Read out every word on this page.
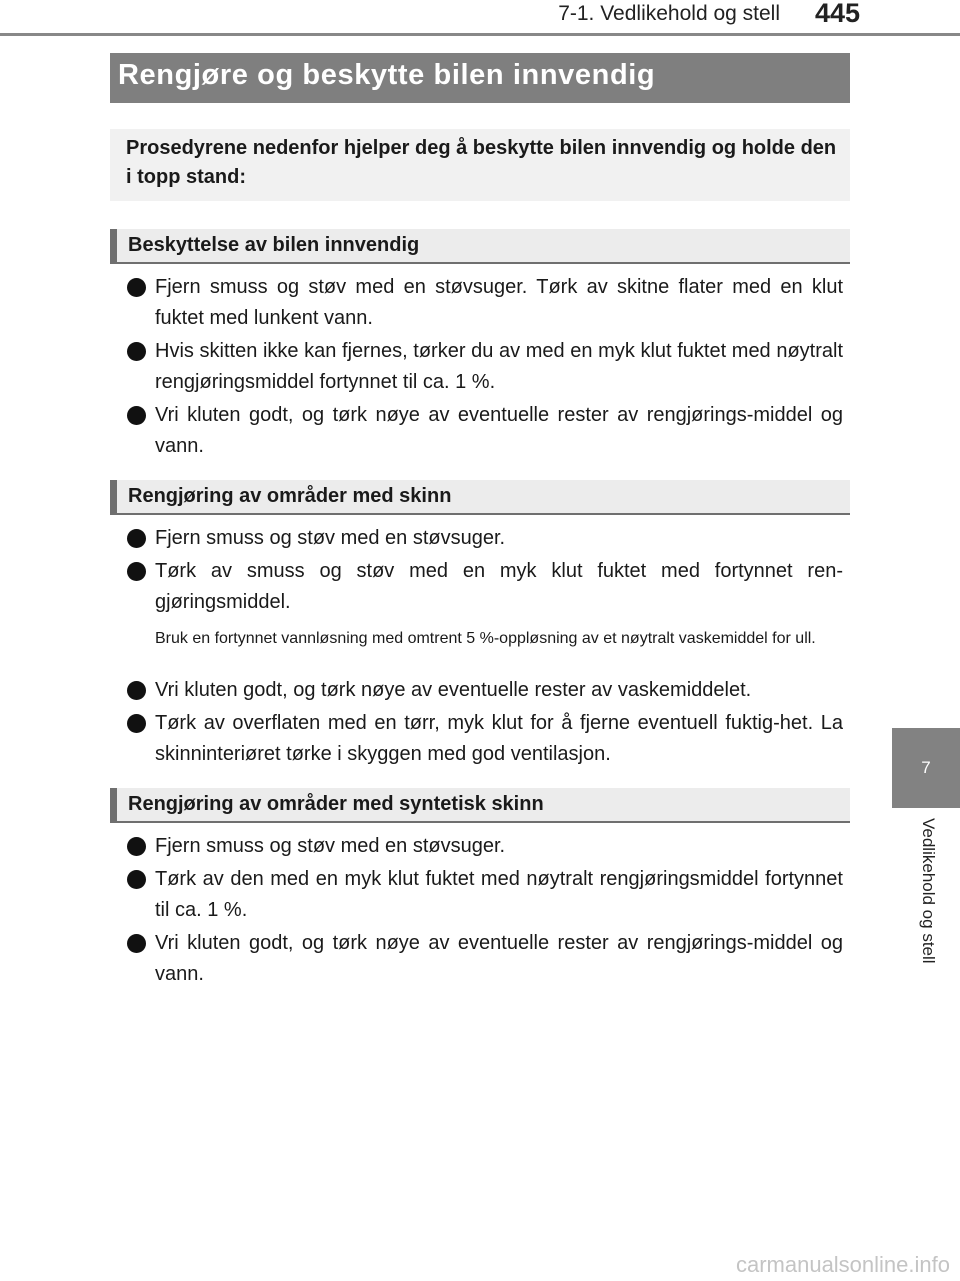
7-1. Vedlikehold og stell	445
7
Vedlikehold og stell
Rengjøre og beskytte bilen innvendig

Prosedyrene nedenfor hjelper deg å beskytte bilen innvendig og holde den i topp stand:

Beskyttelse av bilen innvendig
Fjern smuss og støv med en støvsuger. Tørk av skitne flater med en klut fuktet med lunkent vann.
Hvis skitten ikke kan fjernes, tørker du av med en myk klut fuktet med nøytralt rengjøringsmiddel fortynnet til ca. 1 %.
Vri kluten godt, og tørk nøye av eventuelle rester av rengjørings-middel og vann.
Rengjøring av områder med skinn
Fjern smuss og støv med en støvsuger.
Tørk av smuss og støv med en myk klut fuktet med fortynnet ren-gjøringsmiddel.

Bruk en fortynnet vannløsning med omtrent 5 %-oppløsning av et nøytralt vaskemiddel for ull.

Vri kluten godt, og tørk nøye av eventuelle rester av vaskemiddelet.
Tørk av overflaten med en tørr, myk klut for å fjerne eventuell fuktig-het. La skinninteriøret tørke i skyggen med god ventilasjon.
Rengjøring av områder med syntetisk skinn
Fjern smuss og støv med en støvsuger.
Tørk av den med en myk klut fuktet med nøytralt rengjøringsmiddel fortynnet til ca. 1 %.
Vri kluten godt, og tørk nøye av eventuelle rester av rengjørings-middel og vann.
carmanualsonline.info
